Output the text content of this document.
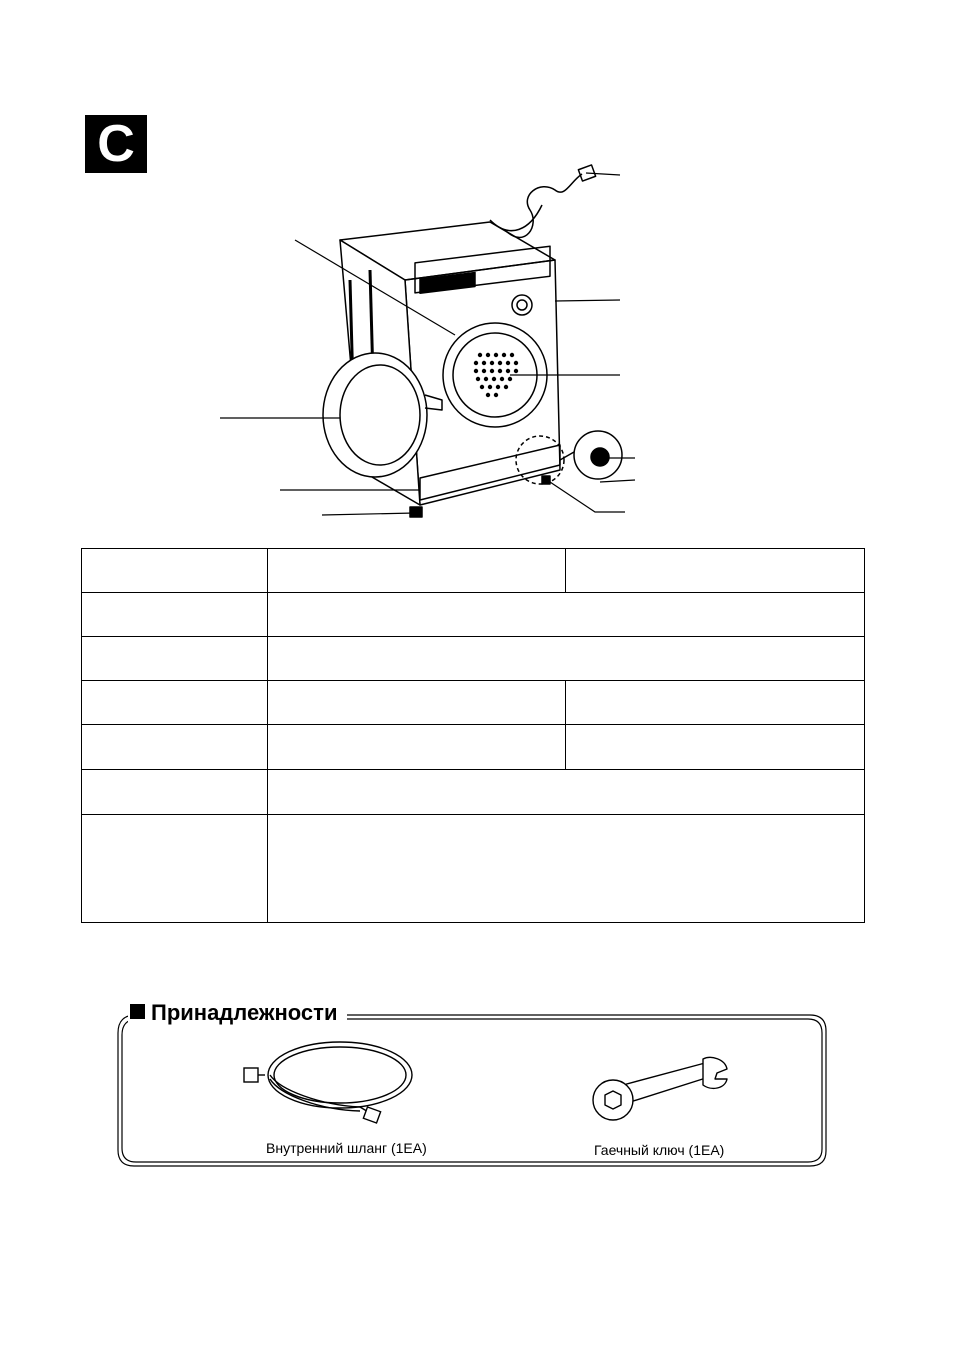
C

Принадлежности
Внутренний шланг (1EA)	Гаечный ключ (1EA)
